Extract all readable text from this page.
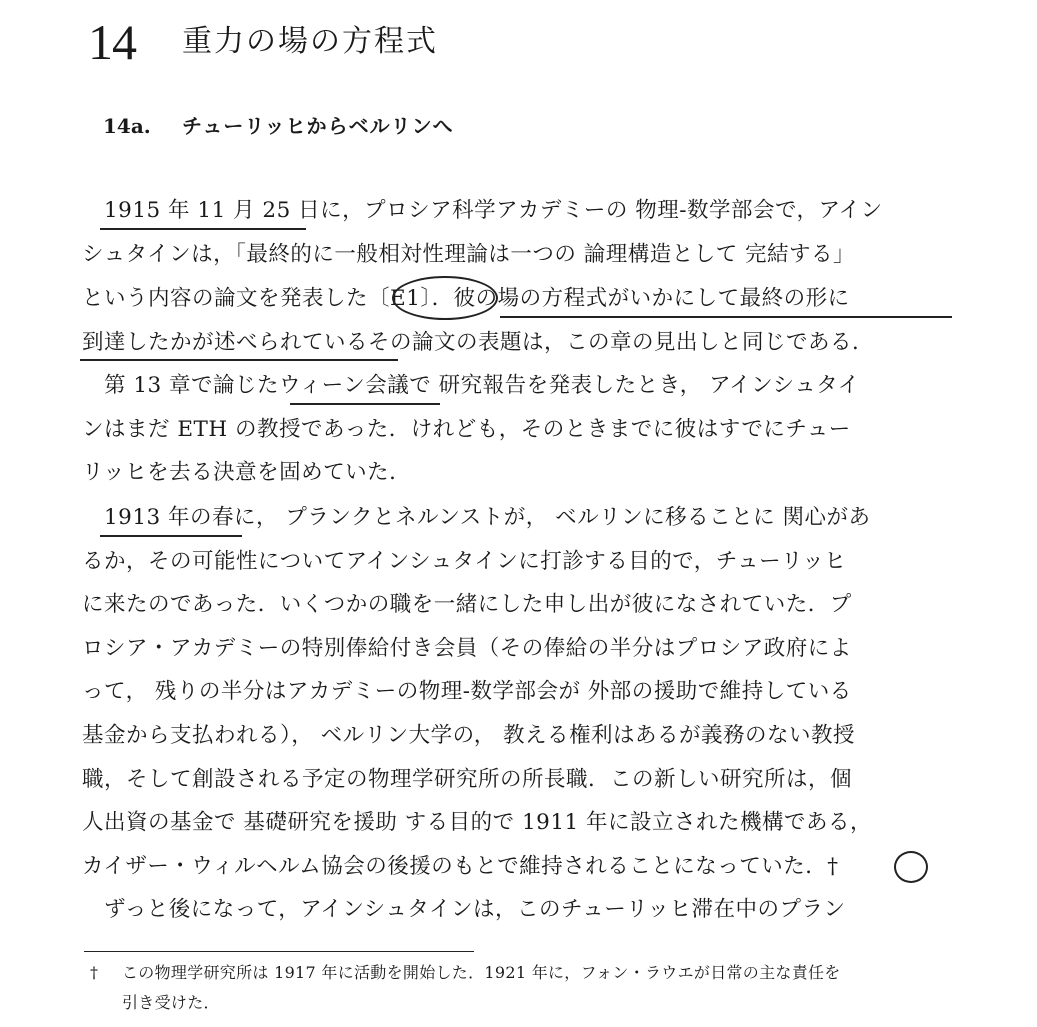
14 重力の場の方程式
14a. チューリッヒからベルリンへ
1915 年 11 月 25 日に，プロシア科学アカデミーの 物理-数学部会で，アイン
シュタインは，「最終的に一般相対性理論は一つの 論理構造として 完結する」
という内容の論文を発表した〔E1〕．彼の場の方程式がいかにして最終の形に
到達したかが述べられているその論文の表題は，この章の見出しと同じである．
第 13 章で論じたウィーン会議で 研究報告を発表したとき， アインシュタイ
ンはまだ ETH の教授であった．けれども，そのときまでに彼はすでにチュー
リッヒを去る決意を固めていた．
1913 年の春に， プランクとネルンストが， ベルリンに移ることに 関心があ
るか，その可能性についてアインシュタインに打診する目的で，チューリッヒ
に来たのであった．いくつかの職を一緒にした申し出が彼になされていた．プ
ロシア・アカデミーの特別俸給付き会員（その俸給の半分はプロシア政府によ
って， 残りの半分はアカデミーの物理-数学部会が 外部の援助で維持している
基金から支払われる）， ベルリン大学の， 教える権利はあるが義務のない教授
職，そして創設される予定の物理学研究所の所長職．この新しい研究所は，個
人出資の基金で 基礎研究を援助 する目的で 1911 年に設立された機構である，
カイザー・ウィルヘルム協会の後援のもとで維持されることになっていた．†
ずっと後になって，アインシュタインは，このチューリッヒ滞在中のプラン
† この物理学研究所は 1917 年に活動を開始した．1921 年に，フォン・ラウエが日常の主な責任を
引き受けた．
